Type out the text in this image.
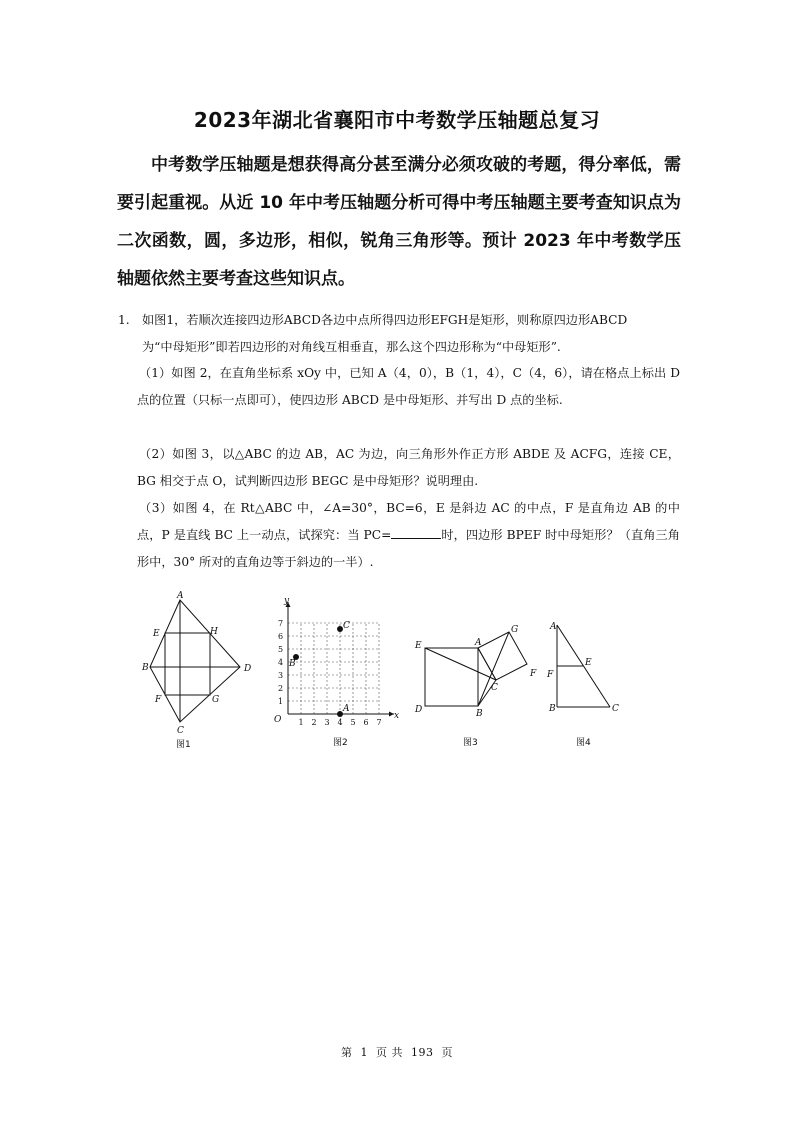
2023年湖北省襄阳市中考数学压轴题总复习
中考数学压轴题是想获得高分甚至满分必须攻破的考题，得分率低，需要引起重视。从近 10 年中考压轴题分析可得中考压轴题主要考查知识点为二次函数，圆，多边形，相似，锐角三角形等。预计 2023 年中考数学压轴题依然主要考查这些知识点。
1. 如图1，若顺次连接四边形ABCD各边中点所得四边形EFGH是矩形，则称原四边形ABCD
为“中母矩形”即若四边形的对角线互相垂直，那么这个四边形称为“中母矩形”.
（1）如图 2，在直角坐标系 xOy 中，已知 A（4，0），B（1，4），C（4，6），请在格点上标出 D 点的位置（只标一点即可），使四边形 ABCD 是中母矩形、并写出 D 点的坐标.
（2）如图 3，以△ABC 的边 AB，AC 为边，向三角形外作正方形 ABDE 及 ACFG，连接 CE，BG 相交于点 O，试判断四边形 BEGC 是中母矩形？说明理由.
（3）如图 4，在 Rt△ABC 中，∠A=30°，BC=6，E 是斜边 AC 的中点，F 是直角边 AB 的中点，P 是直线 BC 上一动点，试探究：当 PC=	时，四边形 BPEF 时中母矩形？（直角三角形中，30° 所对的直角边等于斜边的一半）.
A
B
C
D
E
F	G
H
图1
y
x
O 1 2 3 4 5 6 7
1
2
3
4
5
6
7
A
B
C
图2
A
B
C
D
E
F
G
图3
A
B	C
E
F
图4
第 1 页 共 193 页
